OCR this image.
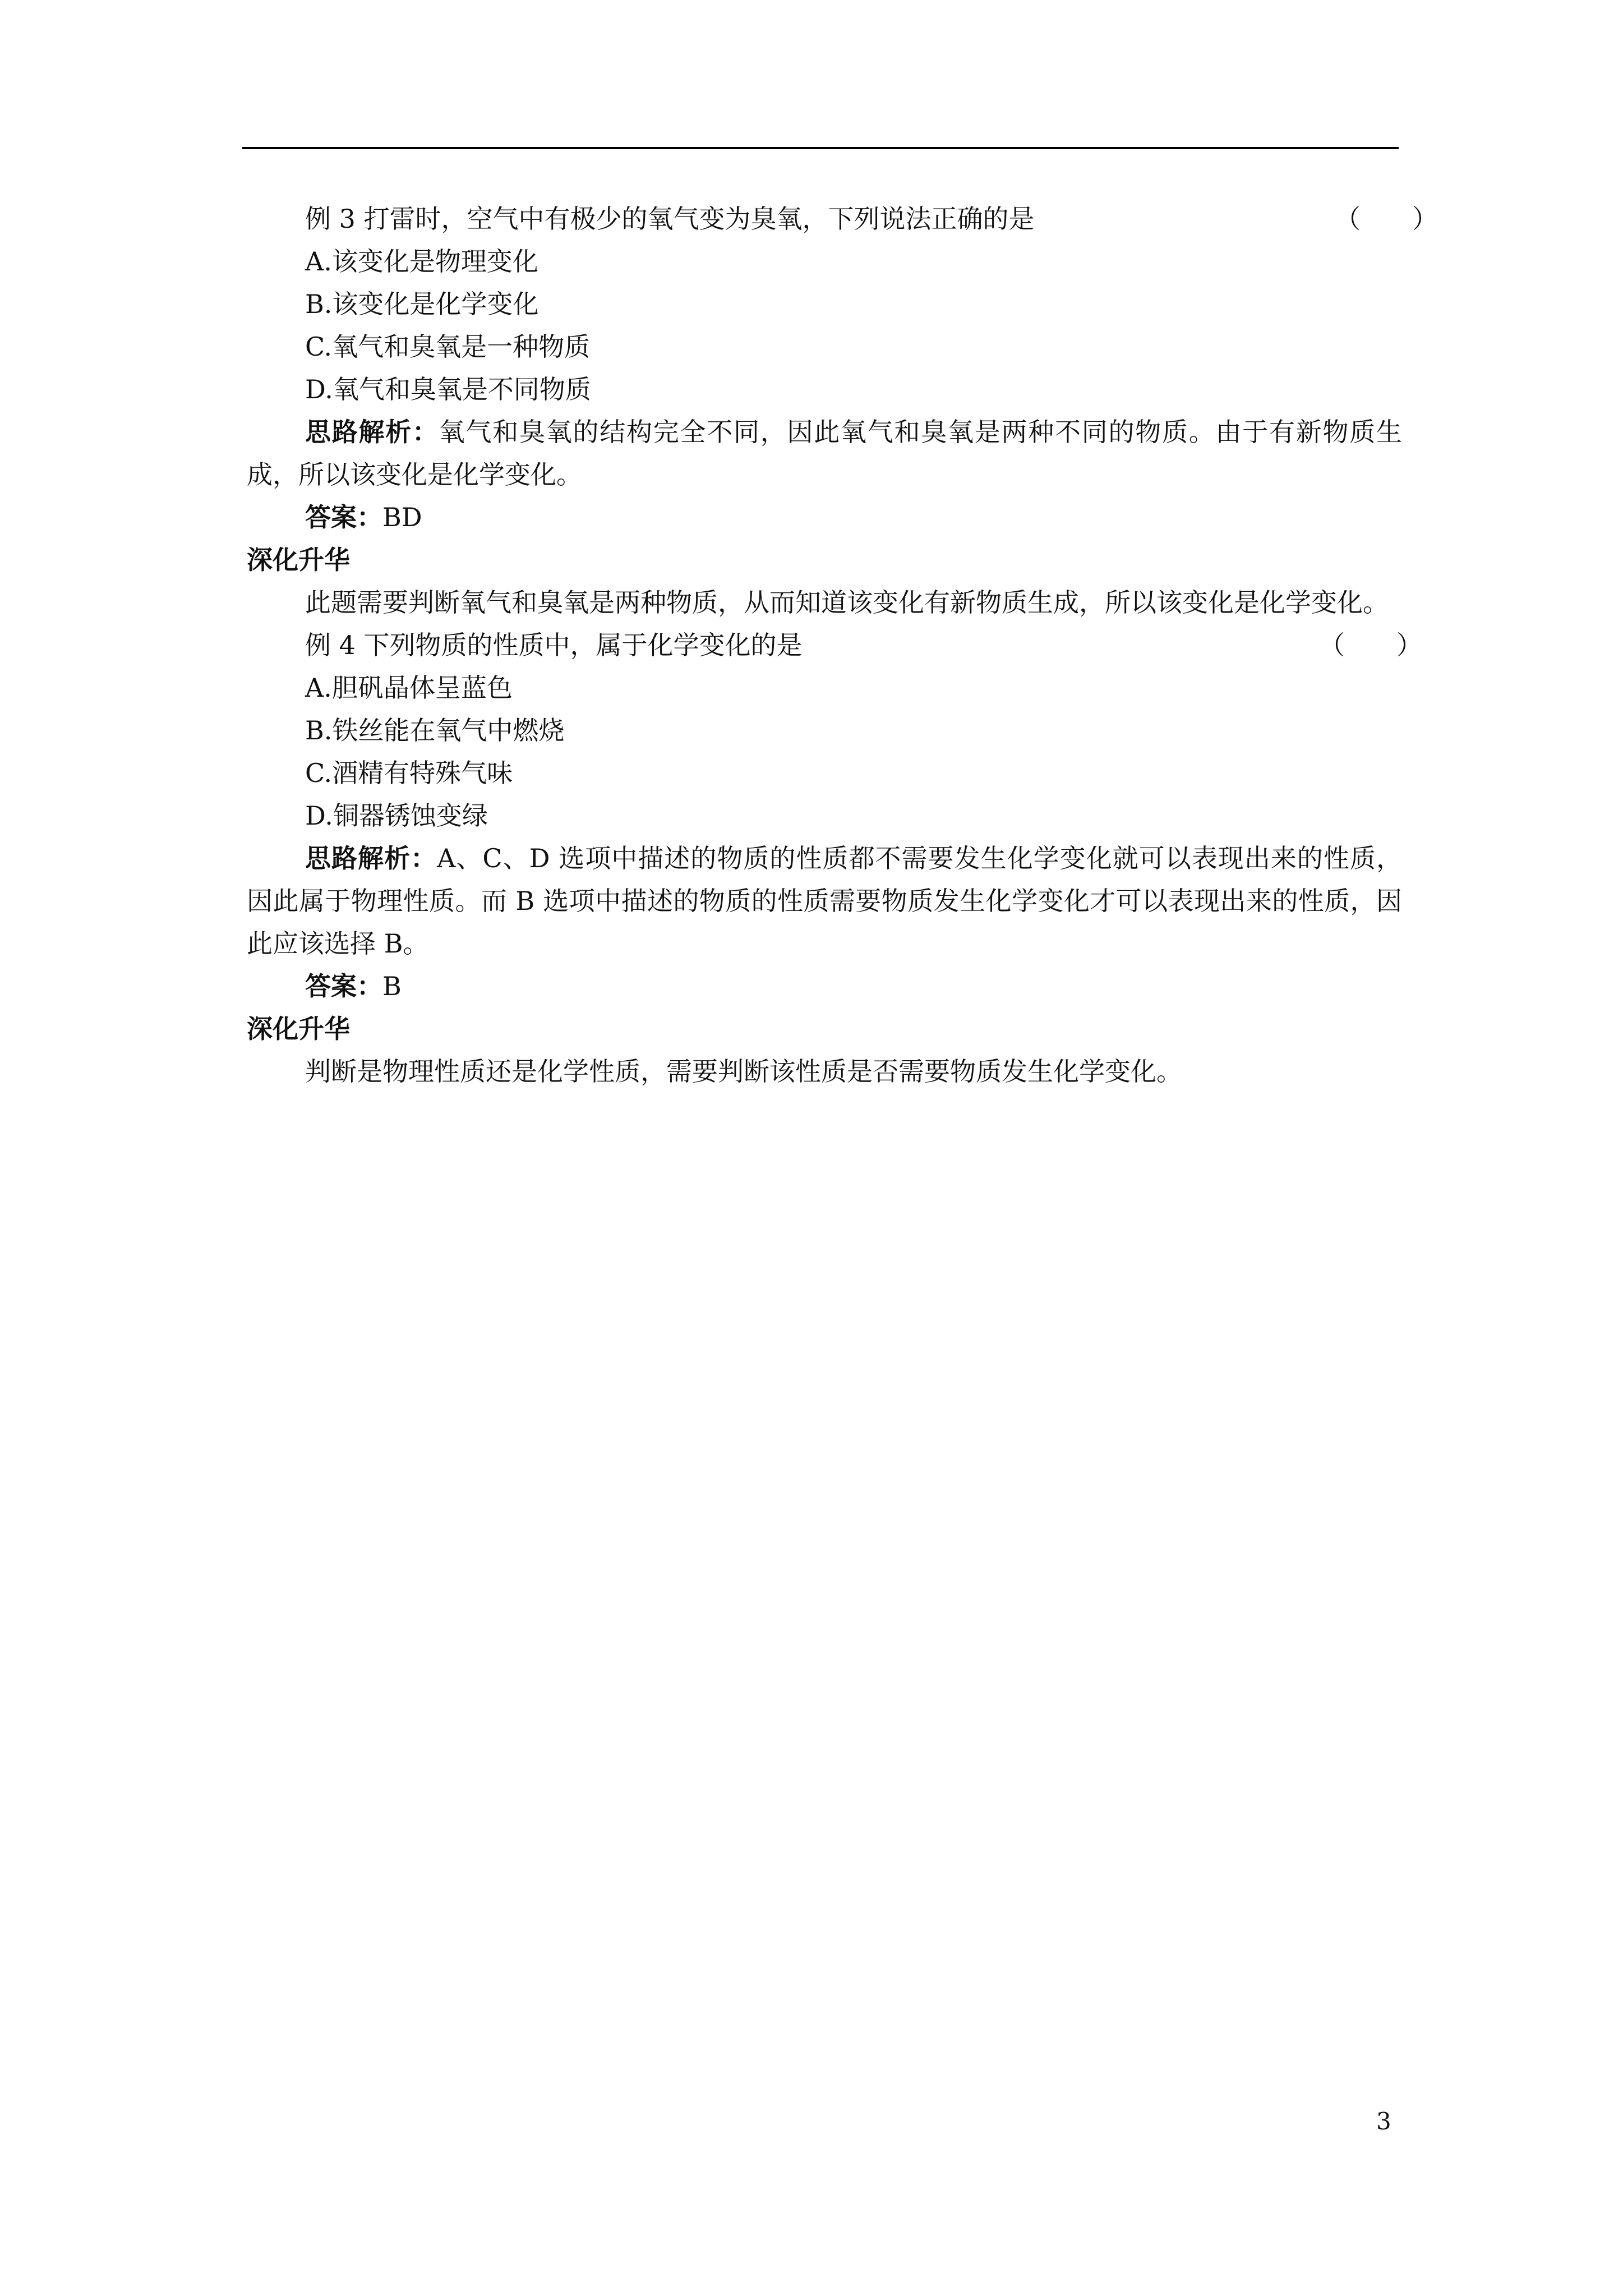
例 3 打雷时，空气中有极少的氧气变为臭氧，下列说法正确的是	（　　）

A.该变化是物理变化

B.该变化是化学变化

C.氧气和臭氧是一种物质

D.氧气和臭氧是不同物质

思路解析：氧气和臭氧的结构完全不同，因此氧气和臭氧是两种不同的物质。由于有新物质生成，所以该变化是化学变化。

答案：BD

深化升华

此题需要判断氧气和臭氧是两种物质，从而知道该变化有新物质生成，所以该变化是化学变化。

例 4 下列物质的性质中，属于化学变化的是	（　　）

A.胆矾晶体呈蓝色

B.铁丝能在氧气中燃烧

C.酒精有特殊气味

D.铜器锈蚀变绿

思路解析：A、C、D 选项中描述的物质的性质都不需要发生化学变化就可以表现出来的性质，因此属于物理性质。而 B 选项中描述的物质的性质需要物质发生化学变化才可以表现出来的性质，因此应该选择 B。

答案：B

深化升华

判断是物理性质还是化学性质，需要判断该性质是否需要物质发生化学变化。

3
